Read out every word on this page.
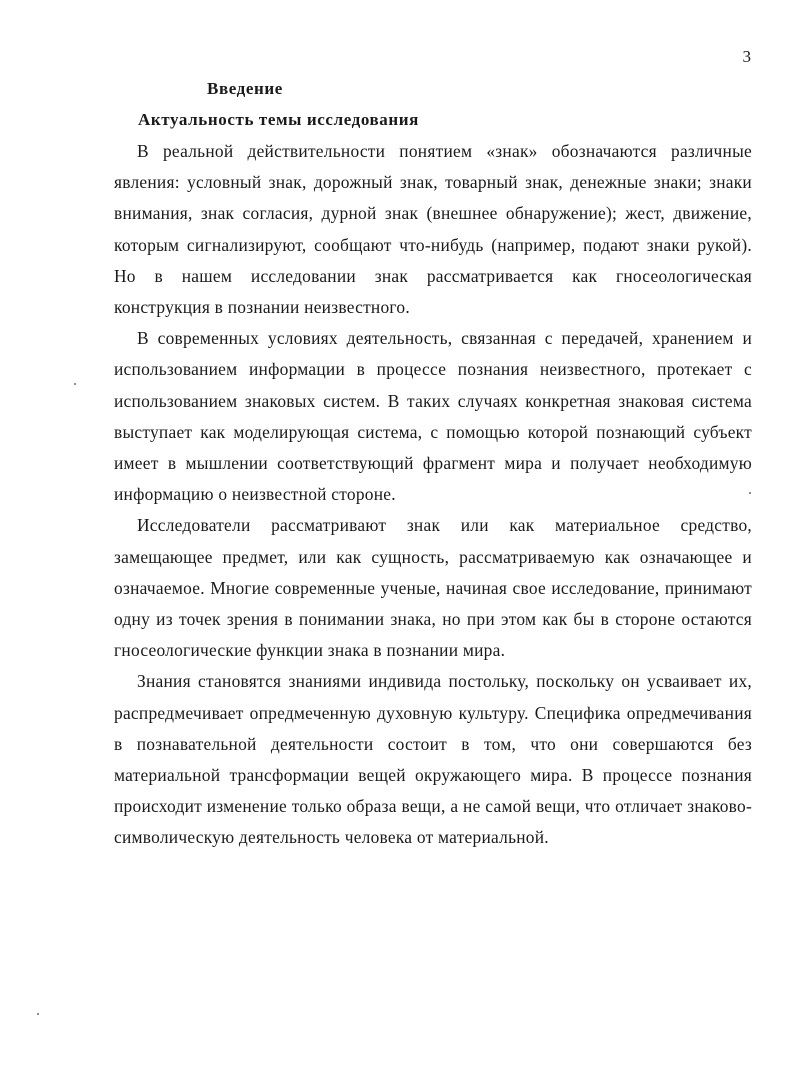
3
Введение
Актуальность темы исследования

В реальной действительности понятием «знак» обозначаются различные явления: условный знак, дорожный знак, товарный знак, денежные знаки; знаки внимания, знак согласия, дурной знак (внешнее обнаружение); жест, движение, которым сигнализируют, сообщают что-нибудь (например, подают знаки рукой). Но в нашем исследовании знак рассматривается как гносеологическая конструкция в познании неизвестного.

В современных условиях деятельность, связанная с передачей, хранением и использованием информации в процессе познания неизвестного, протекает с использованием знаковых систем. В таких случаях конкретная знаковая система выступает как моделирующая система, с помощью которой познающий субъект имеет в мышлении соответствующий фрагмент мира и получает необходимую информацию о неизвестной стороне.

Исследователи рассматривают знак или как материальное средство, замещающее предмет, или как сущность, рассматриваемую как означающее и означаемое. Многие современные ученые, начиная свое исследование, принимают одну из точек зрения в понимании знака, но при этом как бы в стороне остаются гносеологические функции знака в познании мира.

Знания становятся знаниями индивида постольку, поскольку он усваивает их, распредмечивает опредмеченную духовную культуру. Специфика опредмечивания в познавательной деятельности состоит в том, что они совершаются без материальной трансформации вещей окружающего мира. В процессе познания происходит изменение только образа вещи, а не самой вещи, что отличает знаково-символическую деятельность человека от материальной.
